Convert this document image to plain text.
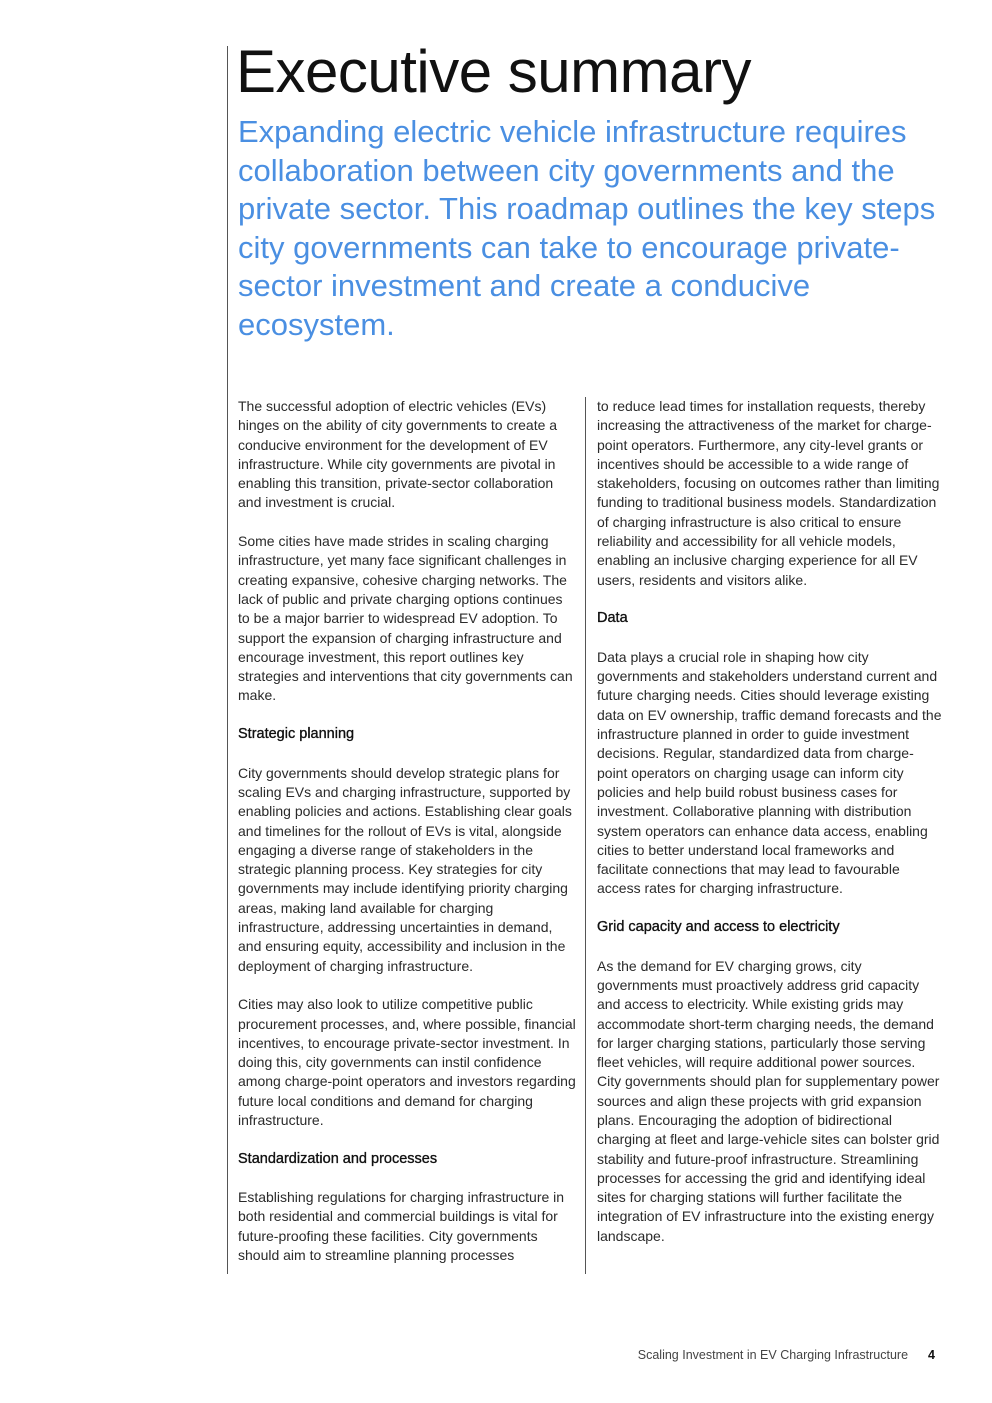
Executive summary

Expanding electric vehicle infrastructure requires collaboration between city governments and the private sector. This roadmap outlines the key steps city governments can take to encourage private-sector investment and create a conducive ecosystem.

The successful adoption of electric vehicles (EVs) hinges on the ability of city governments to create a conducive environment for the development of EV infrastructure. While city governments are pivotal in enabling this transition, private-sector collaboration and investment is crucial.

Some cities have made strides in scaling charging infrastructure, yet many face significant challenges in creating expansive, cohesive charging networks. The lack of public and private charging options continues to be a major barrier to widespread EV adoption. To support the expansion of charging infrastructure and encourage investment, this report outlines key strategies and interventions that city governments can make.

Strategic planning

City governments should develop strategic plans for scaling EVs and charging infrastructure, supported by enabling policies and actions. Establishing clear goals and timelines for the rollout of EVs is vital, alongside engaging a diverse range of stakeholders in the strategic planning process. Key strategies for city governments may include identifying priority charging areas, making land available for charging infrastructure, addressing uncertainties in demand, and ensuring equity, accessibility and inclusion in the deployment of charging infrastructure.

Cities may also look to utilize competitive public procurement processes, and, where possible, financial incentives, to encourage private-sector investment. In doing this, city governments can instil confidence among charge-point operators and investors regarding future local conditions and demand for charging infrastructure.

Standardization and processes

Establishing regulations for charging infrastructure in both residential and commercial buildings is vital for future-proofing these facilities. City governments should aim to streamline planning processes

to reduce lead times for installation requests, thereby increasing the attractiveness of the market for charge-point operators. Furthermore, any city-level grants or incentives should be accessible to a wide range of stakeholders, focusing on outcomes rather than limiting funding to traditional business models. Standardization of charging infrastructure is also critical to ensure reliability and accessibility for all vehicle models, enabling an inclusive charging experience for all EV users, residents and visitors alike.

Data

Data plays a crucial role in shaping how city governments and stakeholders understand current and future charging needs. Cities should leverage existing data on EV ownership, traffic demand forecasts and the infrastructure planned in order to guide investment decisions. Regular, standardized data from charge-point operators on charging usage can inform city policies and help build robust business cases for investment. Collaborative planning with distribution system operators can enhance data access, enabling cities to better understand local frameworks and facilitate connections that may lead to favourable access rates for charging infrastructure.

Grid capacity and access to electricity

As the demand for EV charging grows, city governments must proactively address grid capacity and access to electricity. While existing grids may accommodate short-term charging needs, the demand for larger charging stations, particularly those serving fleet vehicles, will require additional power sources. City governments should plan for supplementary power sources and align these projects with grid expansion plans. Encouraging the adoption of bidirectional charging at fleet and large-vehicle sites can bolster grid stability and future-proof infrastructure. Streamlining processes for accessing the grid and identifying ideal sites for charging stations will further facilitate the integration of EV infrastructure into the existing energy landscape.

Scaling Investment in EV Charging Infrastructure 4
